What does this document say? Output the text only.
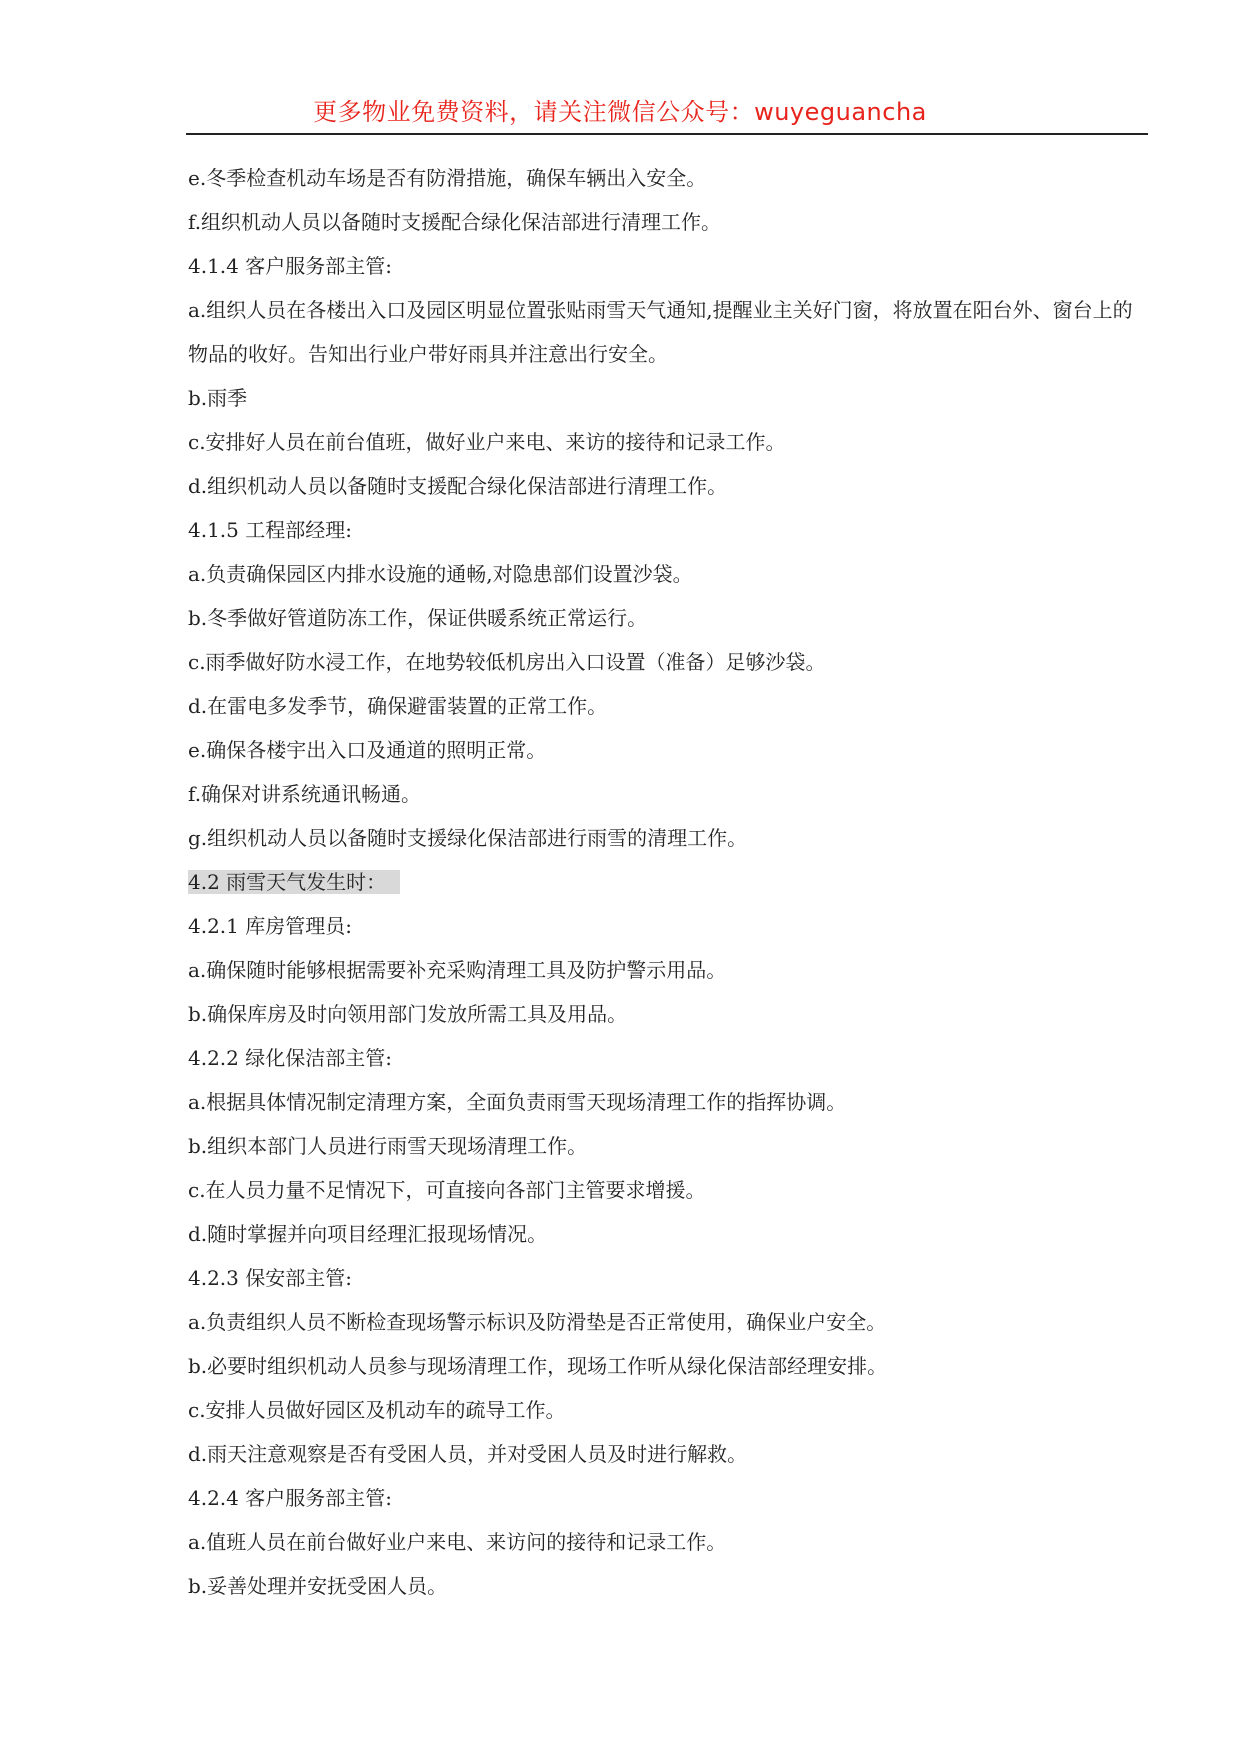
更多物业免费资料，请关注微信公众号：wuyeguancha

e.冬季检查机动车场是否有防滑措施，确保车辆出入安全。

f.组织机动人员以备随时支援配合绿化保洁部进行清理工作。

4.1.4 客户服务部主管:

a.组织人员在各楼出入口及园区明显位置张贴雨雪天气通知,提醒业主关好门窗，将放置在阳台外、窗台上的物品的收好。告知出行业户带好雨具并注意出行安全。

b.雨季

c.安排好人员在前台值班，做好业户来电、来访的接待和记录工作。

d.组织机动人员以备随时支援配合绿化保洁部进行清理工作。

4.1.5 工程部经理:

a.负责确保园区内排水设施的通畅,对隐患部们设置沙袋。

b.冬季做好管道防冻工作，保证供暖系统正常运行。

c.雨季做好防水浸工作，在地势较低机房出入口设置（准备）足够沙袋。

d.在雷电多发季节，确保避雷装置的正常工作。

e.确保各楼宇出入口及通道的照明正常。

f.确保对讲系统通讯畅通。

g.组织机动人员以备随时支援绿化保洁部进行雨雪的清理工作。

4.2 雨雪天气发生时：

4.2.1 库房管理员:

a.确保随时能够根据需要补充采购清理工具及防护警示用品。

b.确保库房及时向领用部门发放所需工具及用品。

4.2.2 绿化保洁部主管:

a.根据具体情况制定清理方案，全面负责雨雪天现场清理工作的指挥协调。

b.组织本部门人员进行雨雪天现场清理工作。

c.在人员力量不足情况下，可直接向各部门主管要求增援。

d.随时掌握并向项目经理汇报现场情况。

4.2.3 保安部主管:

a.负责组织人员不断检查现场警示标识及防滑垫是否正常使用，确保业户安全。

b.必要时组织机动人员参与现场清理工作，现场工作听从绿化保洁部经理安排。

c.安排人员做好园区及机动车的疏导工作。

d.雨天注意观察是否有受困人员，并对受困人员及时进行解救。

4.2.4 客户服务部主管:

a.值班人员在前台做好业户来电、来访问的接待和记录工作。

b.妥善处理并安抚受困人员。
